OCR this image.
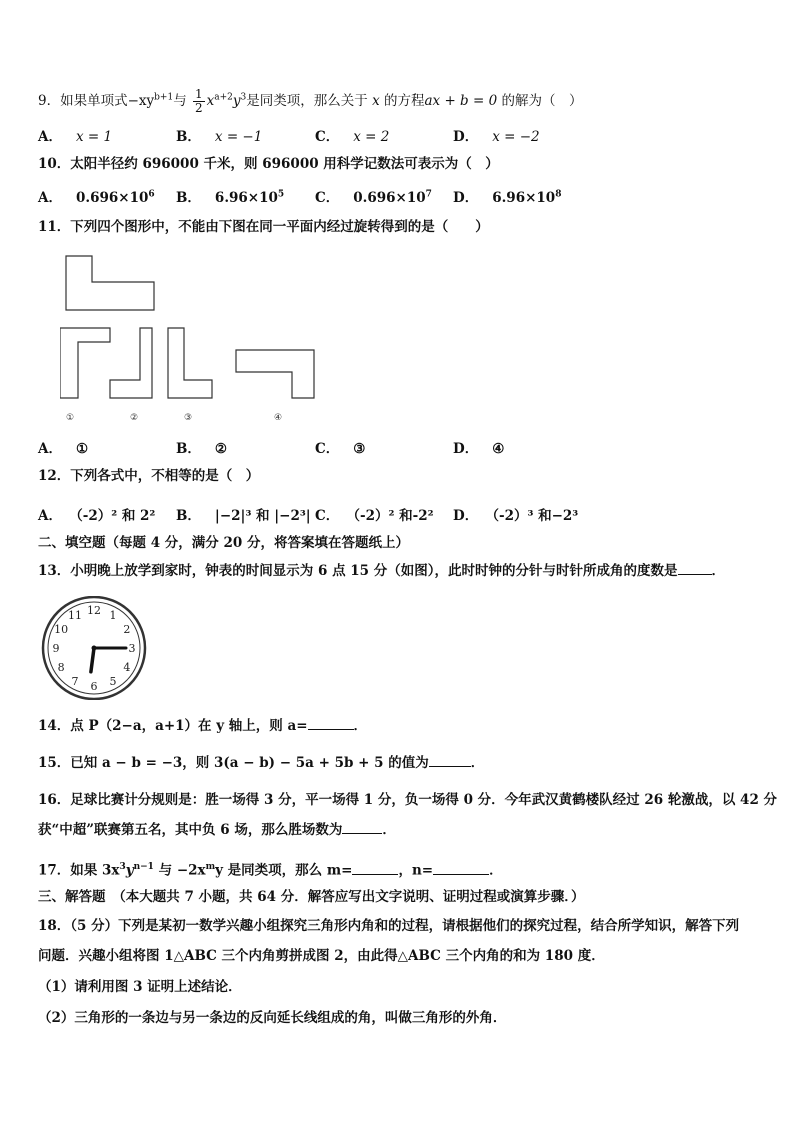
9．如果单项式$-xy^{b+1}$与 $\frac{1}{2} x^{a+2}y^3$是同类项，那么关于 x 的方程ax + b = 0 的解为（　）
A． x = 1	B． x = −1	C． x = 2	D． x = −2
10．太阳半径约 696000 千米，则 696000 用科学记数法可表示为（　）
A． $0.696\times 10^6$ B． $6.96\times 10^5$ C． $0.696\times 10^7$ D． $6.96\times 10^8$
11．下列四个图形中，不能由下图在同一平面内经过旋转得到的是（　　）
①	②	③	④
A． ①	B． ②	C． ③	D． ④
12．下列各式中，不相等的是（　）
A． （-2）² 和 2² B． |−2|³ 和 |−2³| C． （-2）² 和-2² D． （-2）³ 和−2³
二、填空题（每题 4 分，满分 20 分，将答案填在答题纸上）
13．小明晚上放学到家时，钟表的时间显示为 6 点 15 分（如图），此时时钟的分针与时针所成角的度数是	．
12 1
2
3
4
5
6
7
8
9
10
11
14．点 P（2−a，a+1）在 y 轴上，则 a=	．
15．已知 a − b = −3，则 3(a − b) − 5a + 5b + 5 的值为	．
16．足球比赛计分规则是：胜一场得 3 分，平一场得 1 分，负一场得 0 分．今年武汉黄鹤楼队经过 26 轮激战，以 42 分
获“中超”联赛第五名，其中负 6 场，那么胜场数为	．
17．如果 $3x^3y^{n-1}$ 与 $-2x^my$ 是同类项，那么 m=	，n=	．
三、解答题　（本大题共 7 小题，共 64 分．解答应写出文字说明、证明过程或演算步骤．）
18．（5 分）下列是某初一数学兴趣小组探究三角形内角和的过程，请根据他们的探究过程，结合所学知识，解答下列
问题．兴趣小组将图 1△ABC 三个内角剪拼成图 2，由此得△ABC 三个内角的和为 180 度．
（1）请利用图 3 证明上述结论．
（2）三角形的一条边与另一条边的反向延长线组成的角，叫做三角形的外角．
